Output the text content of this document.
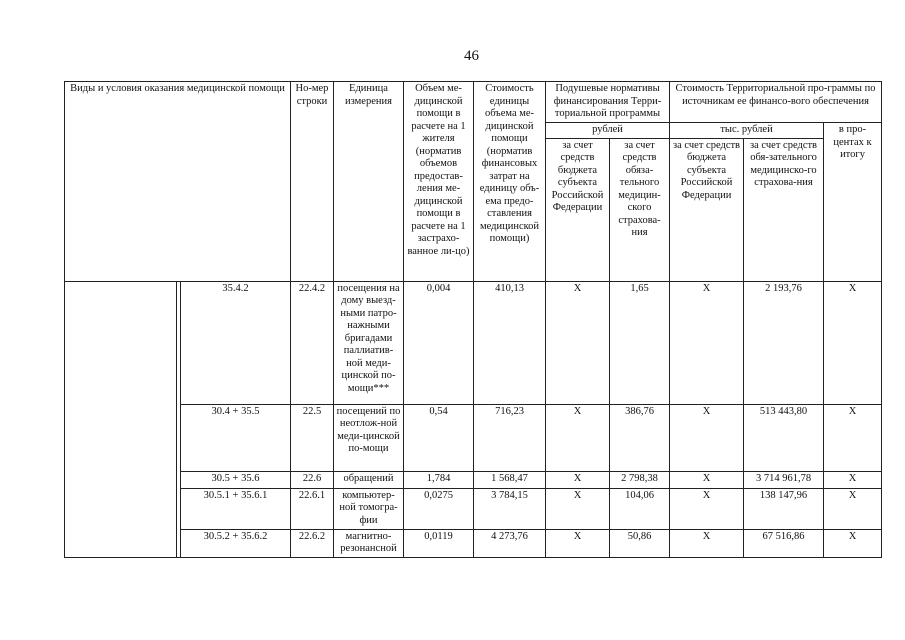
46
Виды и условия оказания медицинской помощи			Но-мер строки	Единица измерения	Объем ме-дицинской помощи в расчете на 1 жителя (норматив объемов предостав-ления ме-дицинской помощи в расчете на 1 застрахо-ванное ли-цо)	Стоимость единицы объема ме-дицинской помощи (норматив финансовых затрат на единицу объ-ема предо-ставления медицинской помощи)	Подушевые нормативы финансирования Терри-ториальной программы		Стоимость Территориальной про-граммы по источникам ее финансо-вого обеспечения		
							рублей		тыс. рублей		в про-центах к итогу
							за счет средств бюджета субъекта Российской Федерации	за счет средств обяза-тельного медицин-ского страхова-ния	за счет средств бюджета субъекта Российской Федерации	за счет средств обя-зательного медицинско-го страхова-ния	
		35.4.2	22.4.2	посещения на дому выезд-ными патро-нажными бригадами паллиатив-ной меди-цинской по-мощи***	0,004	410,13	X	1,65	X	2 193,76	X
		30.4 + 35.5	22.5	посещений по неотлож-ной меди-цинской по-мощи	0,54	716,23	X	386,76	X	513 443,80	X
		30.5 + 35.6	22.6	обращений	1,784	1 568,47	X	2 798,38	X	3 714 961,78	X
		30.5.1 + 35.6.1	22.6.1	компьютер-ной томогра-фии	0,0275	3 784,15	X	104,06	X	138 147,96	X
		30.5.2 + 35.6.2	22.6.2	магнитно-резонансной	0,0119	4 273,76	X	50,86	X	67 516,86	X
